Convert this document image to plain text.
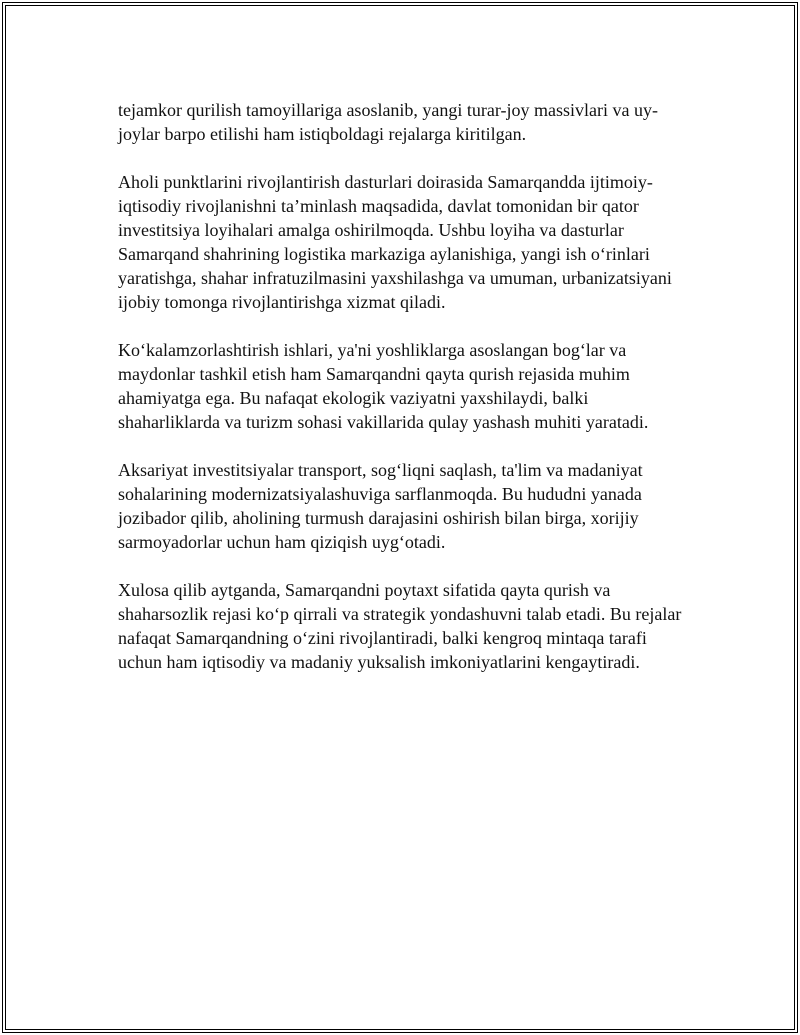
tejamkor qurilish tamoyillariga asoslanib, yangi turar-joy massivlari va uy-joylar barpo etilishi ham istiqboldagi rejalarga kiritilgan.

Aholi punktlarini rivojlantirish dasturlari doirasida Samarqandda ijtimoiy-iqtisodiy rivojlanishni ta’minlash maqsadida, davlat tomonidan bir qator investitsiya loyihalari amalga oshirilmoqda. Ushbu loyiha va dasturlar Samarqand shahrining logistika markaziga aylanishiga, yangi ish o‘rinlari yaratishga, shahar infratuzilmasini yaxshilashga va umuman, urbanizatsiyani ijobiy tomonga rivojlantirishga xizmat qiladi.

Ko‘kalamzorlashtirish ishlari, ya'ni yoshliklarga asoslangan bog‘lar va maydonlar tashkil etish ham Samarqandni qayta qurish rejasida muhim ahamiyatga ega. Bu nafaqat ekologik vaziyatni yaxshilaydi, balki shaharliklarda va turizm sohasi vakillarida qulay yashash muhiti yaratadi.

Aksariyat investitsiyalar transport, sog‘liqni saqlash, ta'lim va madaniyat sohalarining modernizatsiyalashuviga sarflanmoqda. Bu hududni yanada jozibador qilib, aholining turmush darajasini oshirish bilan birga, xorijiy sarmoyadorlar uchun ham qiziqish uyg‘otadi.

Xulosa qilib aytganda, Samarqandni poytaxt sifatida qayta qurish va shaharsozlik rejasi ko‘p qirrali va strategik yondashuvni talab etadi. Bu rejalar nafaqat Samarqandning o‘zini rivojlantiradi, balki kengroq mintaqa tarafi uchun ham iqtisodiy va madaniy yuksalish imkoniyatlarini kengaytiradi.
